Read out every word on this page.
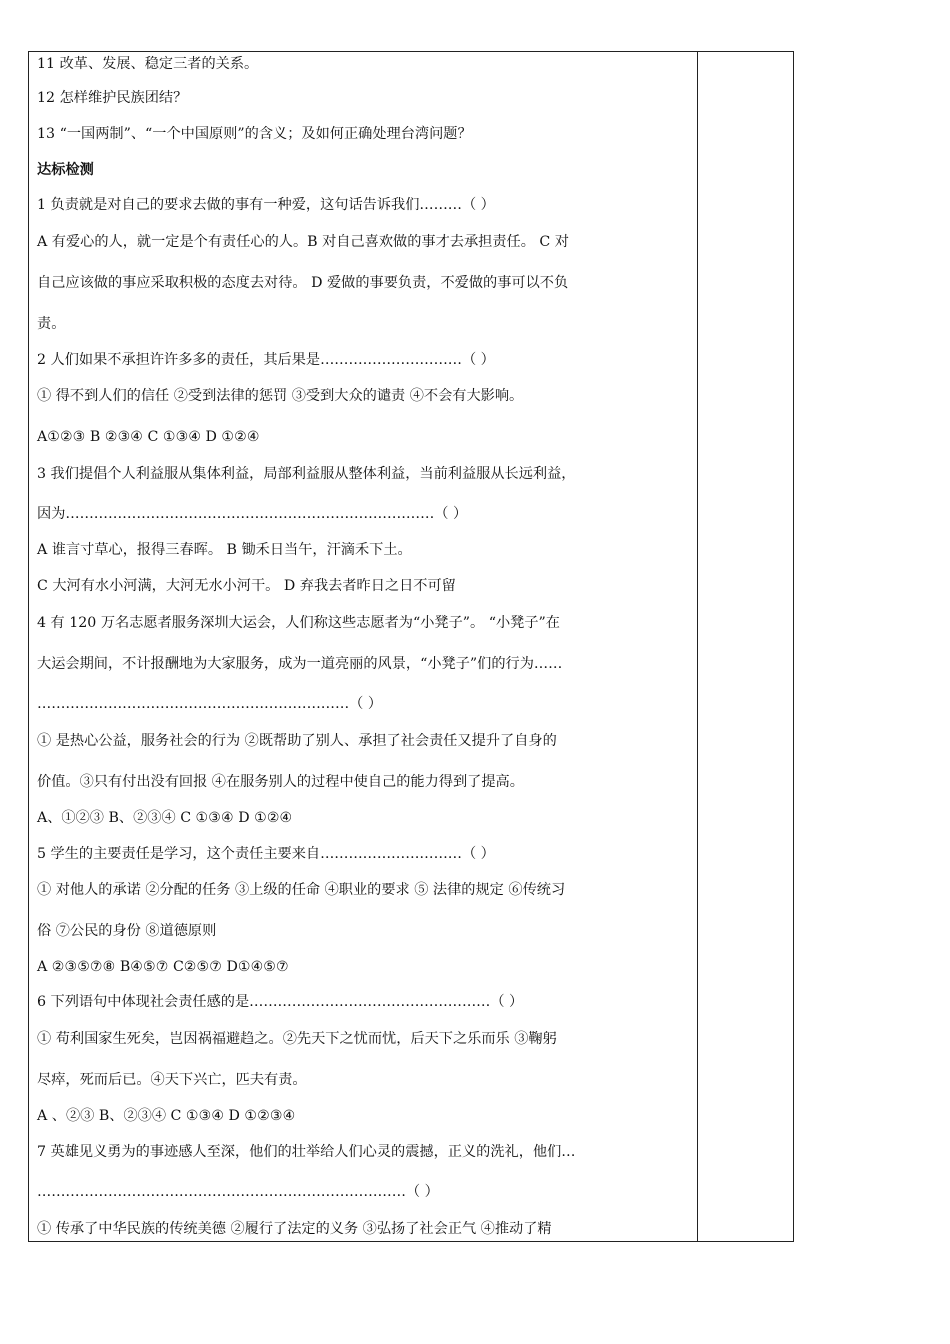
11 改革、发展、稳定三者的关系。
12 怎样维护民族团结？
13 “一国两制”、“一个中国原则”的含义；及如何正确处理台湾问题？
达标检测
1 负责就是对自己的要求去做的事有一种爱，这句话告诉我们………（ ）
A 有爱心的人，就一定是个有责任心的人。B 对自己喜欢做的事才去承担责任。 C 对
自己应该做的事应采取积极的态度去对待。 D 爱做的事要负责，不爱做的事可以不负
责。
2 人们如果不承担许许多多的责任，其后果是…………………………（ ）
① 得不到人们的信任 ②受到法律的惩罚 ③受到大众的谴责 ④不会有大影响。
A①②③ B ②③④ C ①③④ D ①②④
3 我们提倡个人利益服从集体利益，局部利益服从整体利益，当前利益服从长远利益，
因为……………………………………………………………………（ ）
A 谁言寸草心，报得三春晖。 B 锄禾日当午，汗滴禾下土。
C 大河有水小河满，大河无水小河干。 D 弃我去者昨日之日不可留
4 有 120 万名志愿者服务深圳大运会，人们称这些志愿者为“小凳子”。 “小凳子”在
大运会期间，不计报酬地为大家服务，成为一道亮丽的风景，“小凳子”们的行为……
…………………………………………………………（ ）
① 是热心公益，服务社会的行为 ②既帮助了别人、承担了社会责任又提升了自身的
价值。③只有付出没有回报 ④在服务别人的过程中使自己的能力得到了提高。
A、①②③ B、②③④ C ①③④ D ①②④
5 学生的主要责任是学习，这个责任主要来自…………………………（ ）
① 对他人的承诺 ②分配的任务 ③上级的任命 ④职业的要求 ⑤ 法律的规定 ⑥传统习
俗 ⑦公民的身份 ⑧道德原则
A ②③⑤⑦⑧ B④⑤⑦ C②⑤⑦ D①④⑤⑦
6 下列语句中体现社会责任感的是……………………………………………（ ）
① 苟利国家生死矣，岂因祸福避趋之。②先天下之忧而忧，后天下之乐而乐 ③鞠躬
尽瘁，死而后已。④天下兴亡，匹夫有责。
A 、②③ B、②③④ C ①③④ D ①②③④
7 英雄见义勇为的事迹感人至深，他们的壮举给人们心灵的震撼，正义的洗礼，他们…
……………………………………………………………………（ ）
① 传承了中华民族的传统美德 ②履行了法定的义务 ③弘扬了社会正气 ④推动了精
